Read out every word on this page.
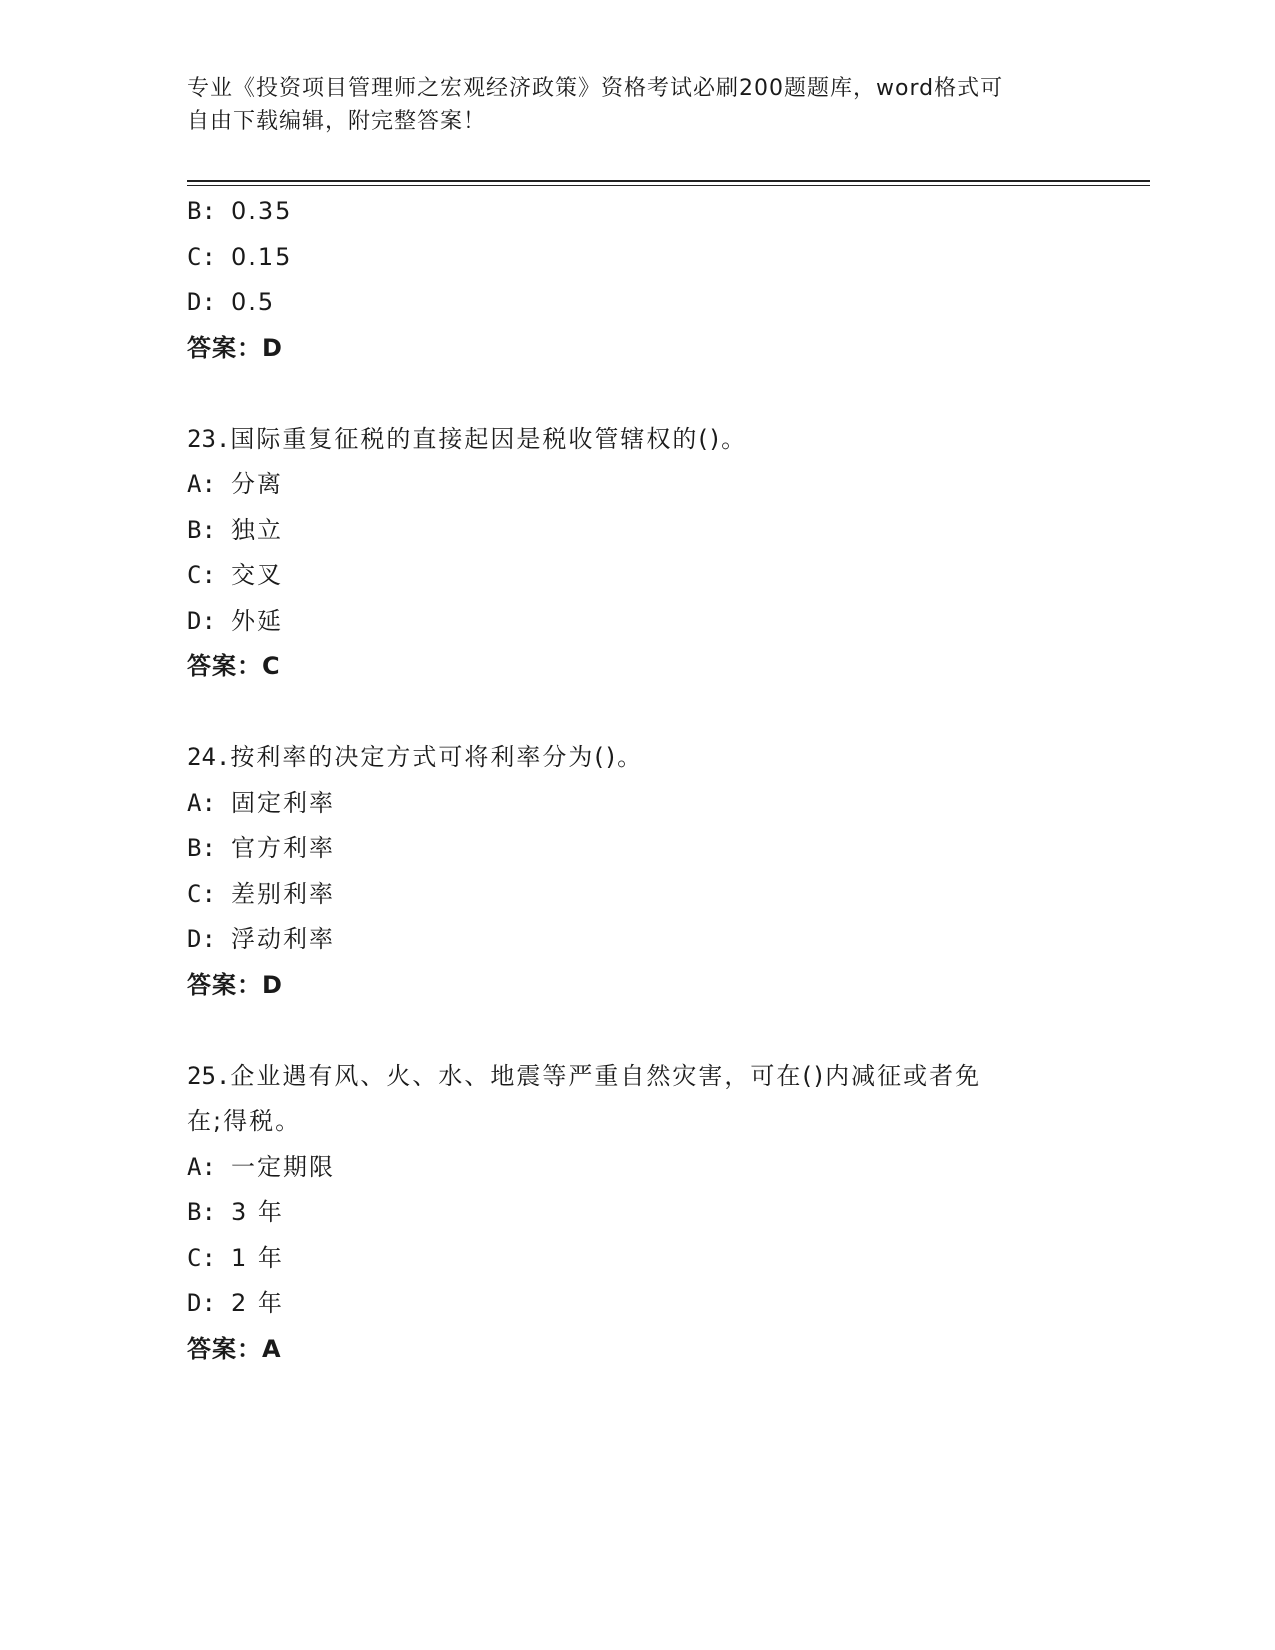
专业《投资项目管理师之宏观经济政策》资格考试必刷200题题库，word格式可
自由下载编辑，附完整答案！
B: 0.35
C: 0.15
D: 0.5
答案：D
23.国际重复征税的直接起因是税收管辖权的()。
A: 分离
B: 独立
C: 交叉
D: 外延
答案：C
24.按利率的决定方式可将利率分为()。
A: 固定利率
B: 官方利率
C: 差别利率
D: 浮动利率
答案：D
25.企业遇有风、火、水、地震等严重自然灾害，可在()内减征或者免
在;得税。
A: 一定期限
B: 3 年
C: 1 年
D: 2 年
答案：A
